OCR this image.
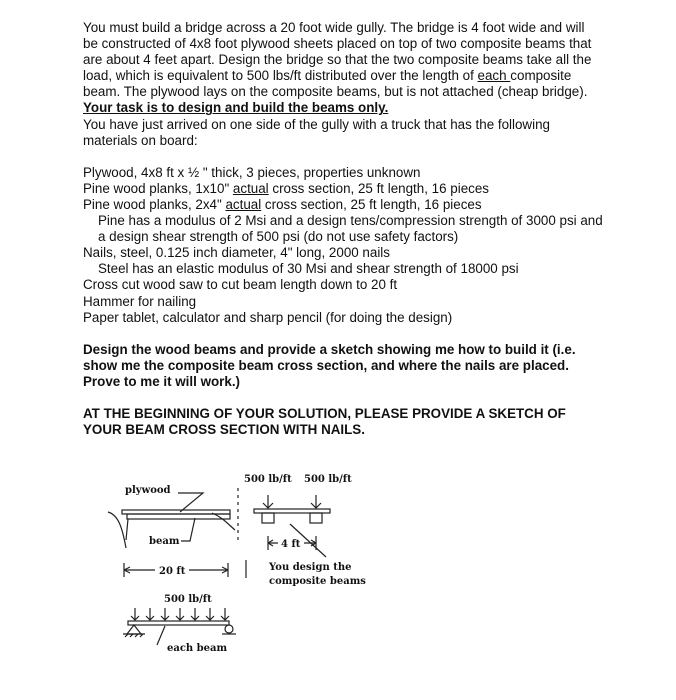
You must build a bridge across a 20 foot wide gully. The bridge is 4 foot wide and will be constructed of 4x8 foot plywood sheets placed on top of two composite beams that are about 4 feet apart. Design the bridge so that the two composite beams take all the load, which is equivalent to 500 lbs/ft distributed over the length of each composite beam. The plywood lays on the composite beams, but is not attached (cheap bridge). Your task is to design and build the beams only.

You have just arrived on one side of the gully with a truck that has the following materials on board:

Plywood, 4x8 ft x ½ " thick, 3 pieces, properties unknown

Pine wood planks, 1x10" actual cross section, 25 ft length, 16 pieces

Pine wood planks, 2x4" actual cross section, 25 ft length, 16 pieces

Pine has a modulus of 2 Msi and a design tens/compression strength of 3000 psi and a design shear strength of 500 psi (do not use safety factors)

Nails, steel, 0.125 inch diameter, 4" long, 2000 nails

Steel has an elastic modulus of 30 Msi and shear strength of 18000 psi

Cross cut wood saw to cut beam length down to 20 ft

Hammer for nailing

Paper tablet, calculator and sharp pencil (for doing the design)

Design the wood beams and provide a sketch showing me how to build it (i.e. show me the composite beam cross section, and where the nails are placed. Prove to me it will work.)

AT THE BEGINNING OF YOUR SOLUTION, PLEASE PROVIDE A SKETCH OF YOUR BEAM CROSS SECTION WITH NAILS.

plywood
beam
20 ft
500 lb/ft 500 lb/ft
4 ft
You design the
composite beams
500 lb/ft
each beam
